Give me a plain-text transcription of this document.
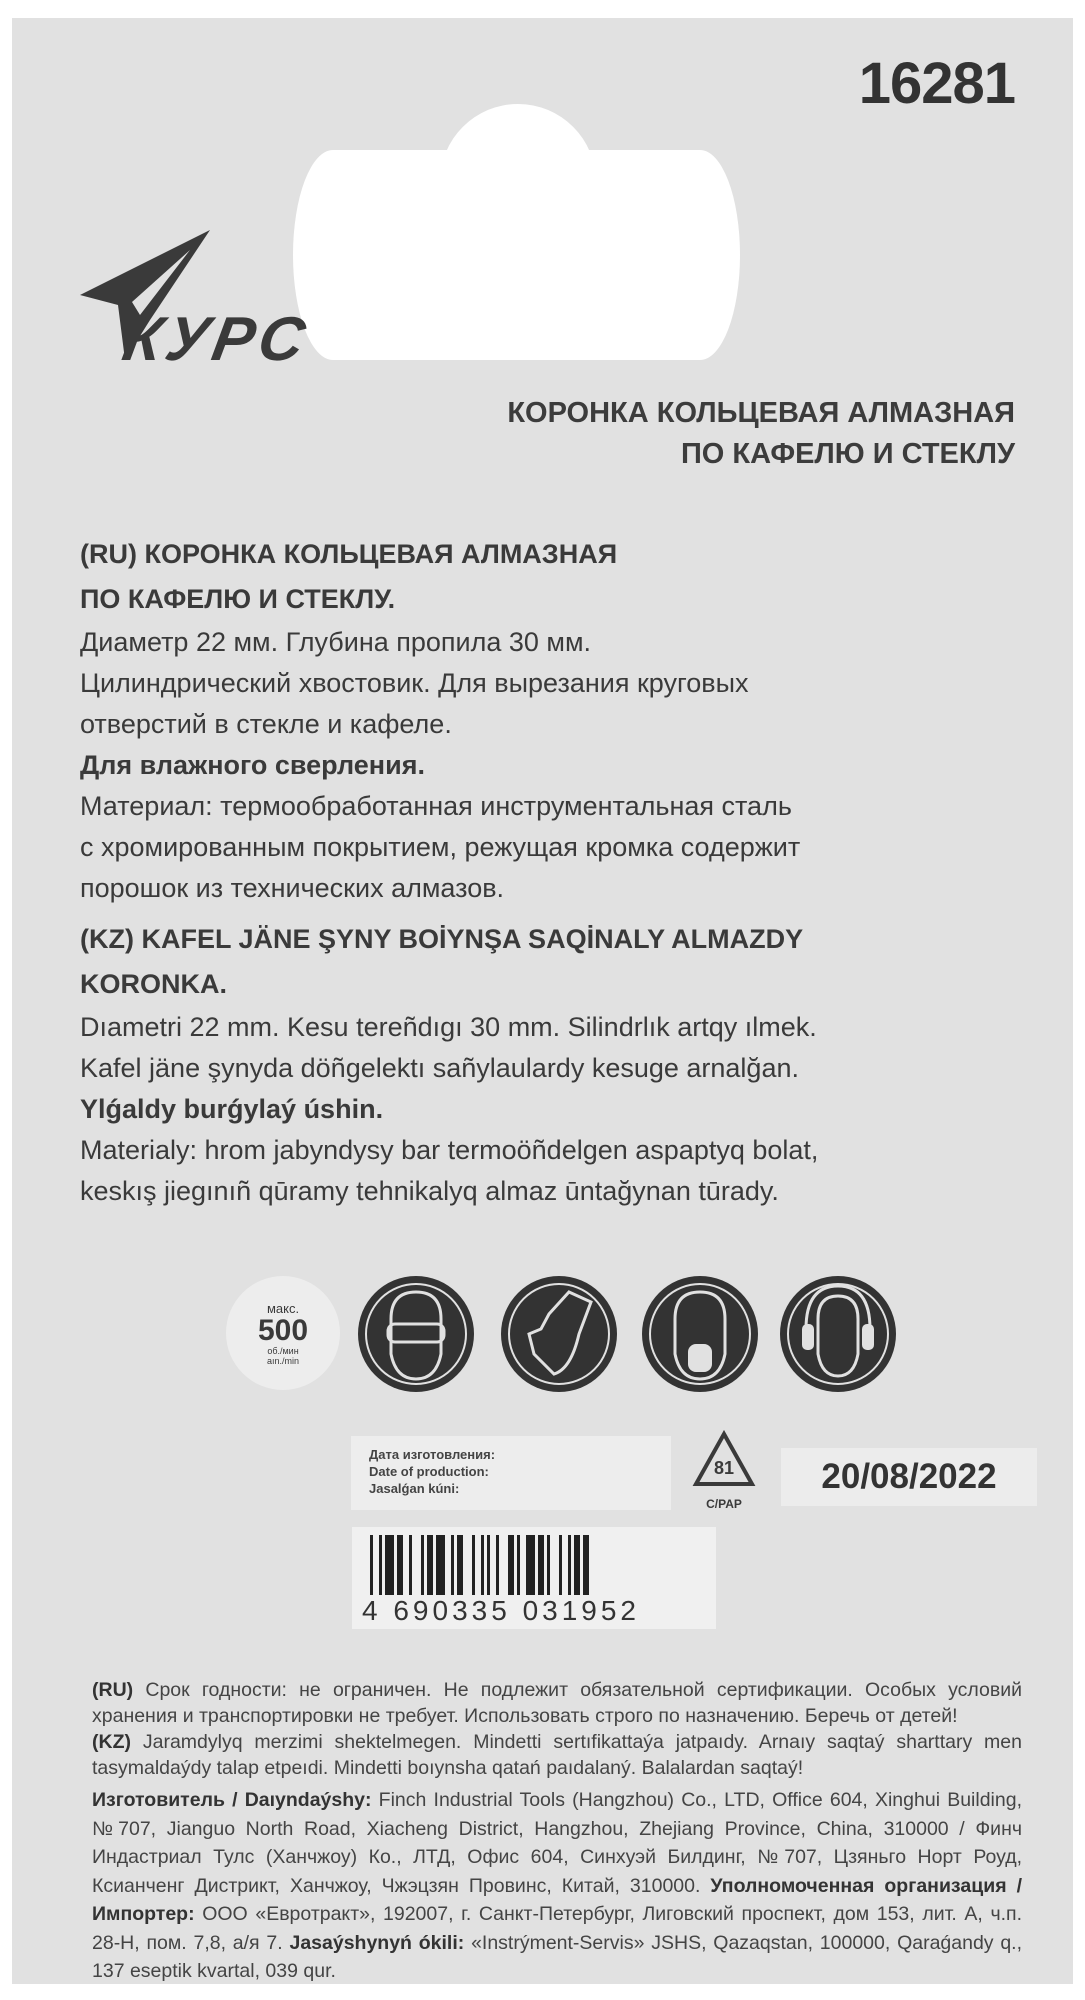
16281
КУРС
КОРОНКА КОЛЬЦЕВАЯ АЛМАЗНАЯ
ПО КАФЕЛЮ И СТЕКЛУ
(RU) КОРОНКА КОЛЬЦЕВАЯ АЛМАЗНАЯ
ПО КАФЕЛЮ И СТЕКЛУ.
Диаметр 22 мм. Глубина пропила 30 мм.
Цилиндрический хвостовик. Для вырезания круговых
отверстий в стекле и кафеле.
Для влажного сверления.
Материал: термообработанная инструментальная сталь
с хромированным покрытием, режущая кромка содержит
порошок из технических алмазов.
(KZ) KAFEL JÄNE ŞYNY BOİYNŞA SAQİNALY ALMAZDY
KORONKA.
Dıametri 22 mm. Kesu tereñdıgı 30 mm. Silindrlık artqy ılmek.
Kafel jäne şynyda döñgelektı sañylaulardy kesuge arnalğan.
Ylǵaldy burǵylaý úshin.
Materialy: hrom jabyndysy bar termoöñdelgen aspaptyq bolat,
keskış jiegınıñ qūramy tehnikalyq almaz ūntağynan tūrady.
макс.
500
об./мин
aın./min
Дата изготовления:
Date of production:
Jasalǵan kúni:
81
C/PAP
20/08/2022
4 690335 031952
(RU) Срок годности: не ограничен. Не подлежит обязательной сертификации. Особых условий хранения и транспортировки не требует. Использовать строго по назначению. Беречь от детей!
(KZ) Jaramdylyq merzimi shektelmegen. Mindetti sertıfikattaýa jatpaıdy. Arnaıy saqtaý sharttary men tasymaldaýdy talap etpeıdi. Mindetti boıynsha qatań paıdalaný. Balalardan saqtaý!
Изготовитель / Daıyndaýshy: Finch Industrial Tools (Hangzhou) Co., LTD, Office 604, Xinghui Building, №707, Jianguo North Road, Xiacheng District, Hangzhou, Zhejiang Province, China, 310000 / Финч Индастриал Тулс (Ханчжоу) Ко., ЛТД, Офис 604, Синхуэй Билдинг, №707, Цзяньго Норт Роуд, Ксианченг Дистрикт, Ханчжоу, Чжэцзян Провинс, Китай, 310000. Уполномоченная организация / Импортер: ООО «Евротракт», 192007, г. Санкт-Петербург, Лиговский проспект, дом 153, лит. А, ч.п. 28-Н, пом. 7,8, а/я 7. Jasaýshynyń ókili: «Instrýment-Servis» JSHS, Qazaqstan, 100000, Qaraǵandy q., 137 eseptik kvartal, 039 qur.
